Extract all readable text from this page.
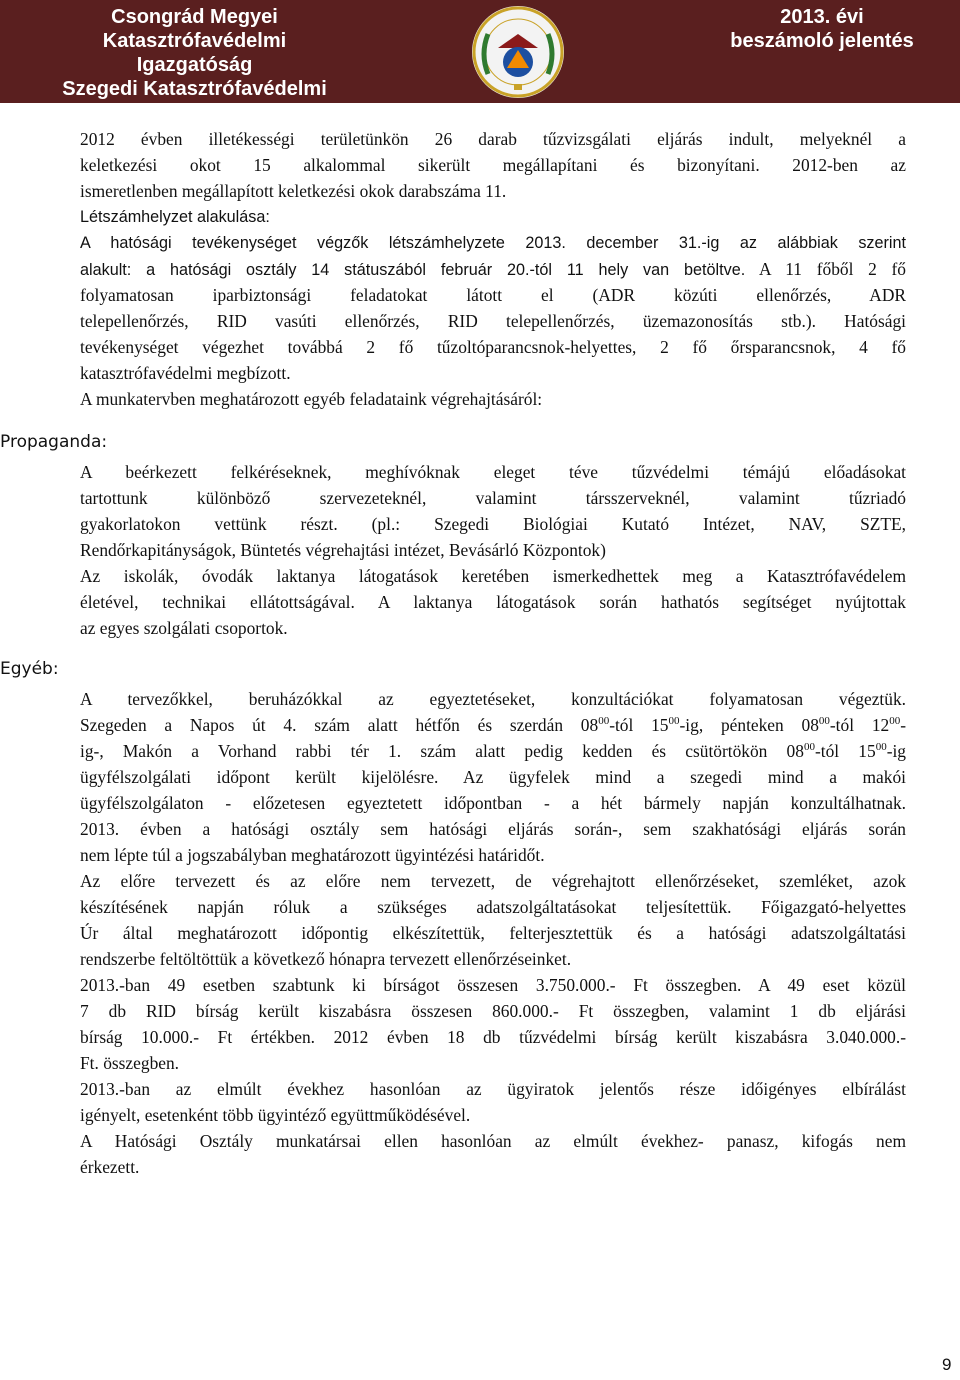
Csongrád Megyei Katasztrófavédelmi
Igazgatóság
Szegedi Katasztrófavédelmi
Kirendeltség
2013. évi
beszámoló jelentés
2012 évben illetékességi területünkön 26 darab tűzvizsgálati eljárás indult, melyeknél a
keletkezési okot 15 alkalommal sikerült megállapítani és bizonyítani. 2012-ben az
ismeretlenben megállapított keletkezési okok darabszáma 11.
Létszámhelyzet alakulása:
A hatósági tevékenységet végzők létszámhelyzete 2013. december 31.-ig az alábbiak szerint
alakult: a hatósági osztály 14 státuszából február 20.-tól 11 hely van betöltve. A 11 főből 2 fő
folyamatosan iparbiztonsági feladatokat látott el (ADR közúti ellenőrzés, ADR
telepellenőrzés, RID vasúti ellenőrzés, RID telepellenőrzés, üzemazonosítás stb.). Hatósági
tevékenységet végezhet továbbá 2 fő tűzoltóparancsnok-helyettes, 2 fő őrsparancsnok, 4 fő
katasztrófavédelmi megbízott.
A munkatervben meghatározott egyéb feladataink végrehajtásáról:
Propaganda:
A beérkezett felkéréseknek, meghívóknak eleget téve tűzvédelmi témájú előadásokat
tartottunk különböző szervezeteknél, valamint társszerveknél, valamint tűzriadó
gyakorlatokon vettünk részt. (pl.: Szegedi Biológiai Kutató Intézet, NAV, SZTE,
Rendőrkapitányságok, Büntetés végrehajtási intézet, Bevásárló Központok)
Az iskolák, óvodák laktanya látogatások keretében ismerkedhettek meg a Katasztrófavédelem
életével, technikai ellátottságával. A laktanya látogatások során hathatós segítséget nyújtottak
az egyes szolgálati csoportok.
Egyéb:
A tervezőkkel, beruházókkal az egyeztetéseket, konzultációkat folyamatosan végeztük.
Szegeden a Napos út 4. szám alatt hétfőn és szerdán $08^{00}$-tól $15^{00}-ig$, pénteken $08^{00}$-tól $12^{00}-$
ig-, Makón a Vorhand rabbi tér 1. szám alatt pedig kedden és csütörtökön $08^{00}$-tól $15^{00}-ig$
ügyfélszolgálati időpont került kijelölésre. Az ügyfelek mind a szegedi mind a makói
ügyfélszolgálaton - előzetesen egyeztetett időpontban - a hét bármely napján konzultálhatnak.
2013. évben a hatósági osztály sem hatósági eljárás során-, sem szakhatósági eljárás során
nem lépte túl a jogszabályban meghatározott ügyintézési határidőt.
Az előre tervezett és az előre nem tervezett, de végrehajtott ellenőrzéseket, szemléket, azok
készítésének napján róluk a szükséges adatszolgáltatásokat teljesítettük. Főigazgató-helyettes
Úr által meghatározott időpontig elkészítettük, felterjesztettük és a hatósági adatszolgáltatási
rendszerbe feltöltöttük a következő hónapra tervezett ellenőrzéseinket.
2013.-ban 49 esetben szabtunk ki bírságot összesen 3.750.000.- Ft összegben. A 49 eset közül
7 db RID bírság került kiszabásra összesen 860.000.- Ft összegben, valamint 1 db eljárási
bírság 10.000.- Ft értékben. 2012 évben 18 db tűzvédelmi bírság került kiszabásra 3.040.000.-
Ft. összegben.
2013.-ban az elmúlt évekhez hasonlóan az ügyiratok jelentős része időigényes elbírálást
igényelt, esetenként több ügyintéző együttműködésével.
A Hatósági Osztály munkatársai ellen hasonlóan az elmúlt évekhez- panasz, kifogás nem
érkezett.
9
